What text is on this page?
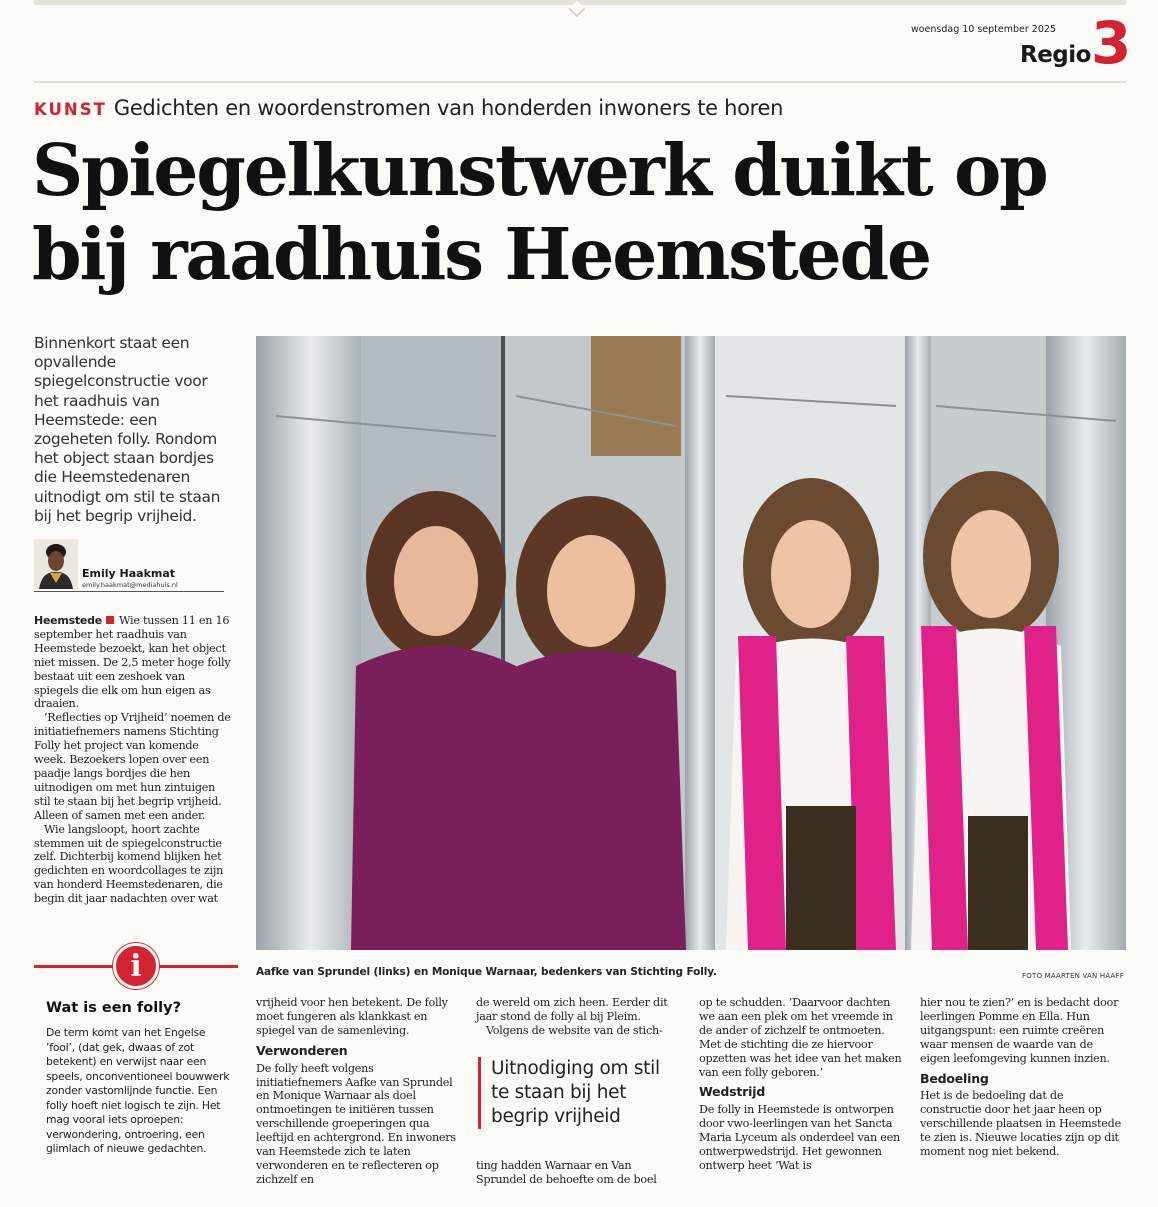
woensdag 10 september 2025
Regio 3
KUNST Gedichten en woordenstromen van honderden inwoners te horen
Spiegelkunstwerk duikt op bij raadhuis Heemstede
Binnenkort staat een opvallende spiegelconstructie voor het raadhuis van Heemstede: een zogeheten folly. Rondom het object staan bordjes die Heemstedenaren uitnodigt om stil te staan bij het begrip vrijheid.
Emily Haakmat
emily.haakmat@mediahuis.nl

Heemstede Wie tussen 11 en 16 september het raadhuis van Heemstede bezoekt, kan het object niet missen. De 2,5 meter hoge folly bestaat uit een zeshoek van spiegels die elk om hun eigen as draaien.

’Reflecties op Vrijheid’ noemen de initiatiefnemers namens Stichting Folly het project van komende week. Bezoekers lopen over een paadje langs bordjes die hen uitnodigen om met hun zintuigen stil te staan bij het begrip vrijheid. Alleen of samen met een ander.

Wie langsloopt, hoort zachte stemmen uit de spiegelconstructie zelf. Dichterbij komend blijken het gedichten en woordcollages te zijn van honderd Heemstedenaren, die begin dit jaar nadachten over wat

Aafke van Sprundel (links) en Monique Warnaar, bedenkers van Stichting Folly.	FOTO MAARTEN VAN HAAFF
i
Wat is een folly?
De term komt van het Engelse ’fool’, (dat gek, dwaas of zot betekent) en verwijst naar een speels, onconventioneel bouwwerk zonder vastomlijnde functie. Een folly hoeft niet logisch te zijn. Het mag vooral iets oproepen: verwondering, ontroering, een glimlach of nieuwe gedachten.

vrijheid voor hen betekent. De folly moet fungeren als klankkast en spiegel van de samenleving.

Verwonderen

De folly heeft volgens initiatiefnemers Aafke van Sprundel en Monique Warnaar als doel ontmoetingen te initiëren tussen verschillende groeperingen qua leeftijd en achtergrond. En inwoners van Heemstede zich te laten verwonderen en te reflecteren op zichzelf en

de wereld om zich heen. Eerder dit jaar stond de folly al bij Pleim.

Volgens de website van de stich-

Uitnodiging om stil te staan bij het begrip vrijheid

ting hadden Warnaar en Van Sprundel de behoefte om de boel

op te schudden. ’Daarvoor dachten we aan een plek om het vreemde in de ander of zichzelf te ontmoeten. Met de stichting die ze hiervoor opzetten was het idee van het maken van een folly geboren.’

Wedstrijd

De folly in Heemstede is ontworpen door vwo-leerlingen van het Sancta Maria Lyceum als onderdeel van een ontwerpwedstrijd. Het gewonnen ontwerp heet ’Wat is

hier nou te zien?’ en is bedacht door leerlingen Pomme en Ella. Hun uitgangspunt: een ruimte creëren waar mensen de waarde van de eigen leefomgeving kunnen inzien.

Bedoeling

Het is de bedoeling dat de constructie door het jaar heen op verschillende plaatsen in Heemstede te zien is. Nieuwe locaties zijn op dit moment nog niet bekend.
